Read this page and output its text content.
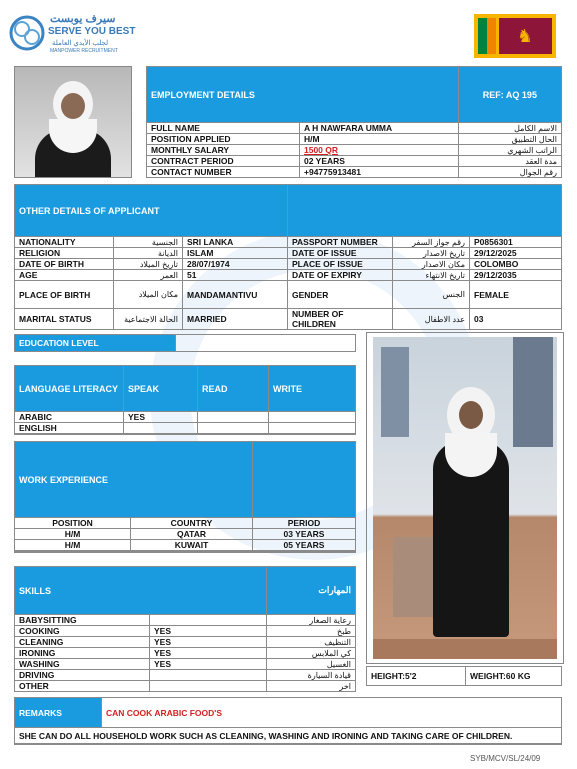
سيرف يوبست
SERVE YOU BEST
لجلب الأيدي العاملة
MANPOWER RECRUITMENT
♞
EMPLOYMENT DETAILS		REF: AQ 195
FULL NAME	A H NAWFARA UMMA	الاسم الكامل
POSITION APPLIED	H/M	الحال التطبيق
MONTHLY SALARY	1500 QR	الراتب الشهري
CONTRACT PERIOD	02 YEARS	مدة العقد
CONTACT NUMBER	+94775913481	رقم الجوال
OTHER DETAILS OF APPLICANT					
NATIONALITY	الجنسية	SRI LANKA	PASSPORT NUMBER	رقم جواز السفر	P0856301
RELIGION	الديانة	ISLAM	DATE OF ISSUE	تاريخ الاصدار	29/12/2025
DATE OF BIRTH	تاريخ الميلاد	28/07/1974	PLACE OF ISSUE	مكان الاصدار	COLOMBO
AGE	العمر	51	DATE OF EXPIRY	تاريخ الانتهاء	29/12/2035
PLACE OF BIRTH	مكان الميلاد	MANDAMANTIVU	GENDER	الجنس	FEMALE
MARITAL STATUS	الحالة الاجتماعية	MARRIED	NUMBER OF CHILDREN	عدد الاطفال	03
EDUCATION LEVEL	
LANGUAGE LITERACY	SPEAK	READ	WRITE
ARABIC	YES		
ENGLISH			

WORK EXPERIENCE		
POSITION	COUNTRY	PERIOD
H/M	QATAR	03 YEARS
H/M	KUWAIT	05 YEARS

SKILLS		المهارات
BABYSITTING		رعاية الصغار
COOKING	YES	طبخ
CLEANING	YES	التنظيف
IRONING	YES	كي الملابس
WASHING	YES	الغسيل
DRIVING		قيادة السيارة
OTHER		اخر
HEIGHT:5'2	WEIGHT:60 KG
REMARKS	CAN COOK ARABIC FOOD'S
SHE CAN DO ALL HOUSEHOLD WORK SUCH AS CLEANING, WASHING AND IRONING AND TAKING CARE OF CHILDREN.

SYB/MCV/SL/24/09
